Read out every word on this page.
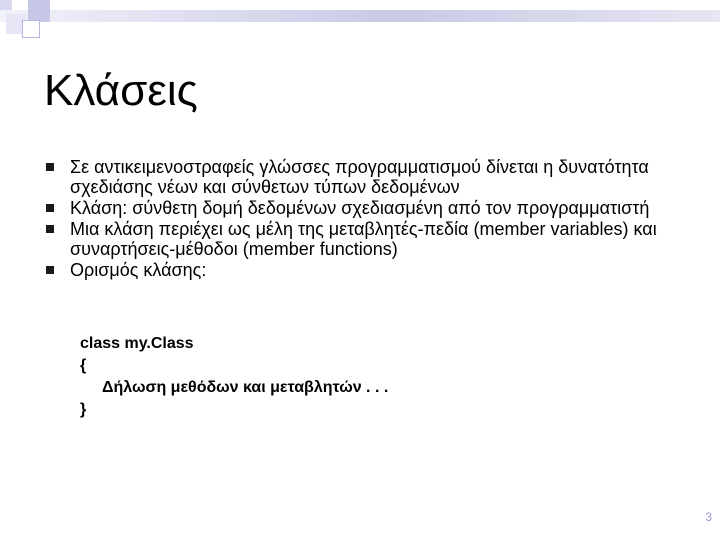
Κλάσεις
Σε αντικειμενοστραφείς γλώσσες προγραμματισμού δίνεται η δυνατότητα σχεδιάσης νέων και σύνθετων τύπων δεδομένων
Κλάση: σύνθετη δομή δεδομένων σχεδιασμένη από τον προγραμματιστή
Μια κλάση περιέχει ως μέλη της μεταβλητές-πεδία (member variables) και συναρτήσεις-μέθοδοι (member functions)
Ορισμός κλάσης:
class my.Class
{
Δήλωση μεθόδων και μεταβλητών . . .
}
3
